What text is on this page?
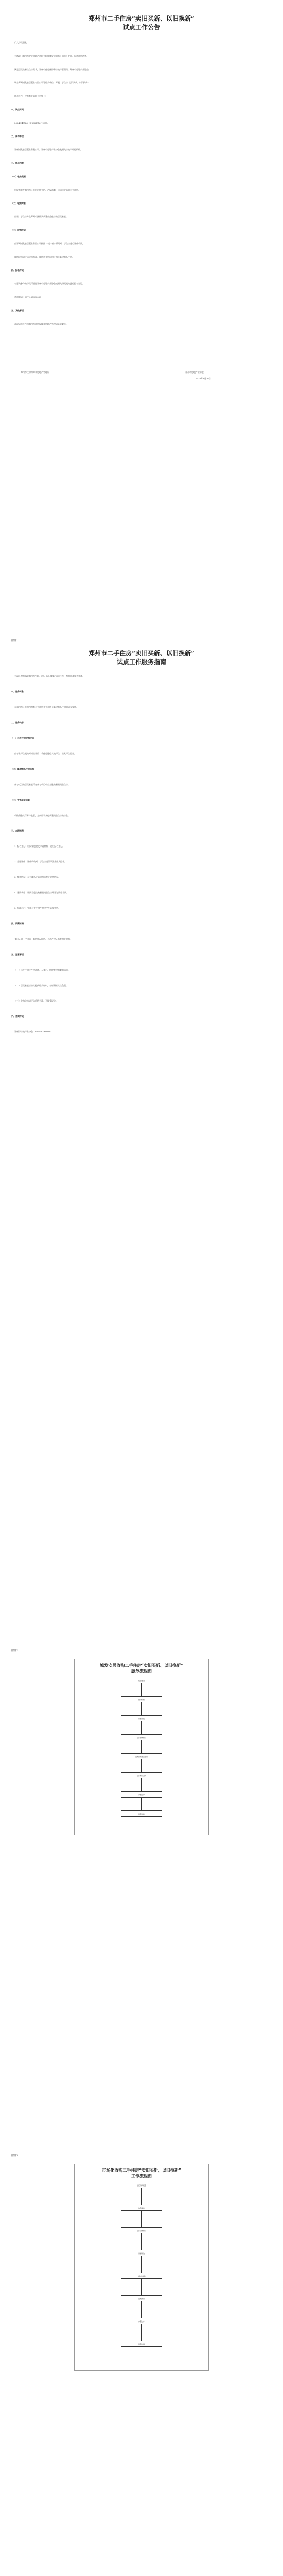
郑州市二手住房“卖旧买新、以旧换新”
试点工作公告
广大市民朋友：
为落实《郑州市促进房地产市场平稳健康发展的若干措施》要求，促进住房消费，
满足居民改善性住房需求，郑州市住房保障和房地产管理局、郑州市房地产业协会
联合郑州城发安居置业有限公司等相关单位，开展二手住房“卖旧买新、以旧换新”
试点工作，现将有关事项公告如下：
一、试点时间
2024年4月26日至2024年6月26日。
二、参与单位
郑州城发安居置业有限公司、郑州市房地产业协会及相关房地产经纪机构。
三、试点内容
（一）收购范围
居民家庭在郑州市区范围内拥有的、产权清晰、可依法交易的二手住房。
（二）收购对象
出售二手住房并在郑州市区购买新建商品住房的居民家庭。
（三）收购方式
由郑州城发安居置业有限公司按照“一房一价”原则对二手住房进行评估收购，
收购价格以评估价格为准，收购资金定向用于购买新建商品住房。
四、报名方式
有意向参与的市民可通过郑州市房地产业协会或相关经纪机构进行报名登记。
咨询电话：0371-67980000
五、其他事项
本次试点工作由郑州市住房保障和房地产管理局负责解释。
郑州市住房保障和房地产管理局	郑州市房地产业协会
2024年4月26日
附件1
郑州市二手住房“卖旧买新、以旧换新”
试点工作服务指南
为深入贯彻落实郑州市“卖旧买新、以旧换新”试点工作，特制定本服务指南。
一、服务对象
在郑州市区范围内拥有二手住房并有意购买新建商品住房的居民家庭。
二、服务内容
（一）二手住房收购评估
由专业评估机构对拟出售的二手住房进行实地评估，出具评估报告。
（二）新建商品住房选购
参与试点的居民家庭可在参与项目中自主选购新建商品住房。
（三）交易资金监管
收购资金实行专户监管，定向用于支付新建商品住房购房款。
三、办理流程
1. 报名登记：居民家庭提交申请材料，进行报名登记。
2. 房屋评估：评估机构对二手住房进行评估并出具报告。
3. 签订协议：双方确认评估价格后签订收购协议。
4. 选购新房：居民家庭选购新建商品住房并签订购房合同。
5. 办理过户：完成二手住房产权过户及资金划转。
四、所需材料
身份证明、户口簿、婚姻状况证明、不动产权证书等相关材料。
五、注意事项
（一）二手住房应产权清晰，无查封、抵押等权利限制情形。
（二）居民家庭应如实提供相关材料，对材料真实性负责。
（三）收购价格以评估价格为准，不接受议价。
六、咨询方式
郑州市房地产业协会：0371-67980000
附件2
城发安居收购二手住房“卖旧买新、以旧换新”
服务流程图
报名登记
提交材料
房屋评估
签订收购协议
选购新建商品住房
签订购房合同
办理过户
资金划转
附件3
市场化收购二手住房“卖旧买新、以旧换新”
工作流程图
经纪机构报名
协会审核
签订合作协议
房屋评估
市场化收购
选购新房
办理过户
资金结算
